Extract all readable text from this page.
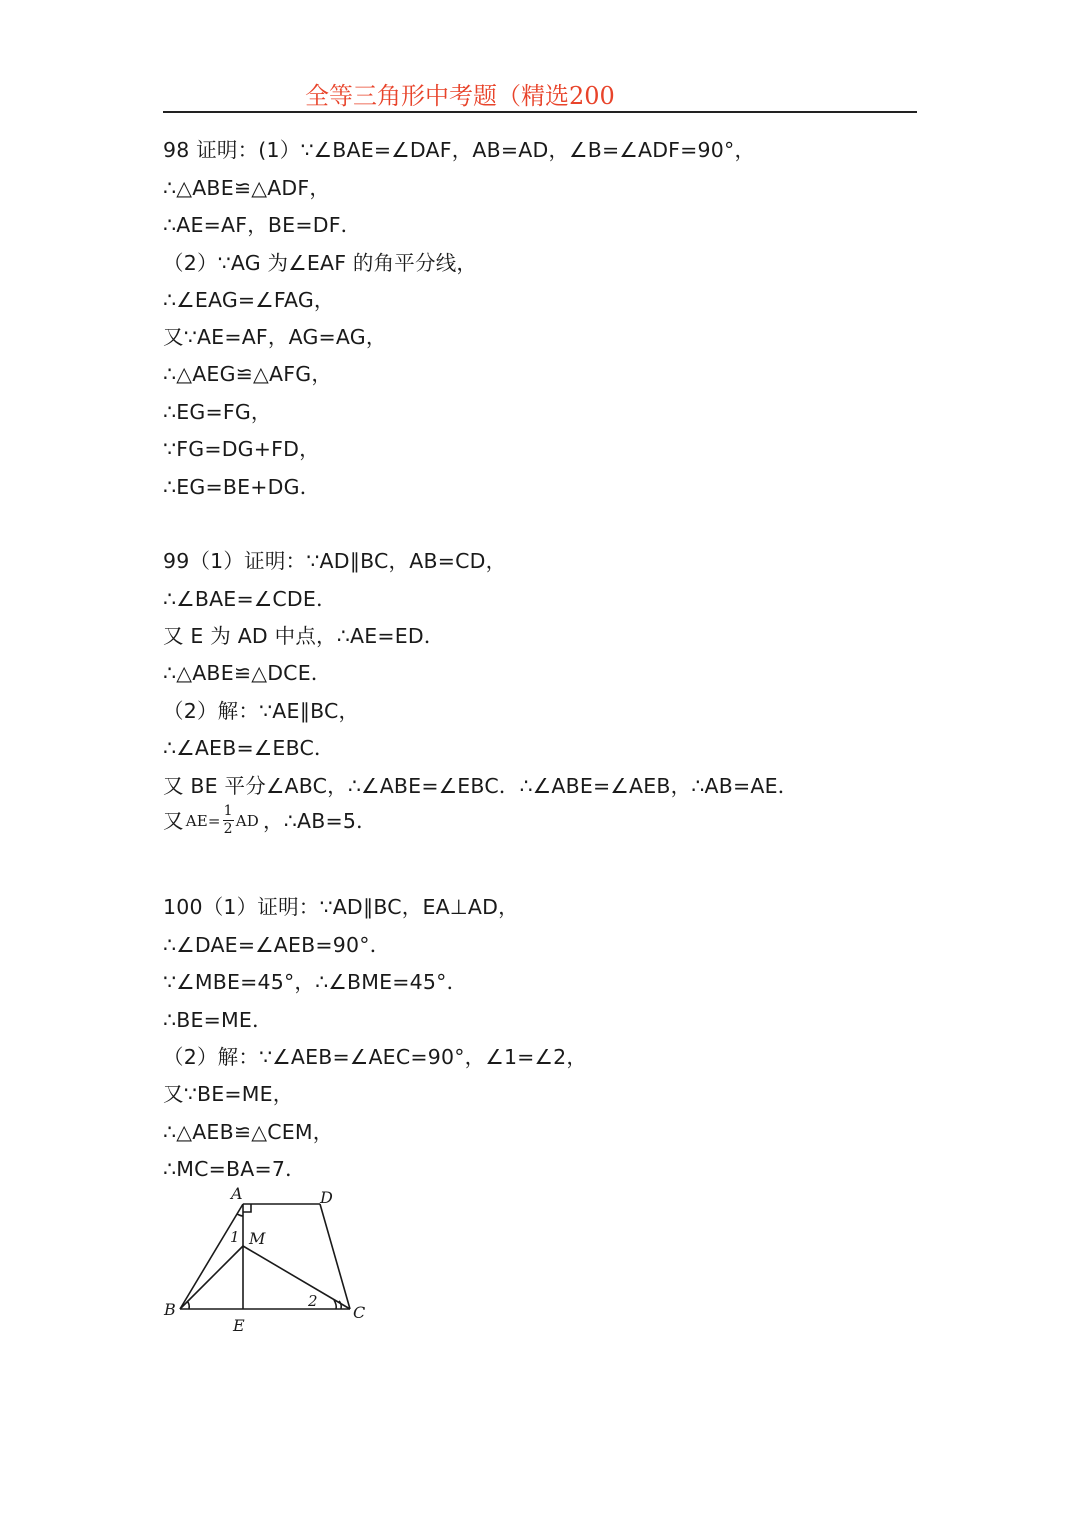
全等三角形中考题（精选200
98 证明：(1）∵∠BAE=∠DAF，AB=AD，∠B=∠ADF=90°，
∴△ABE≌△ADF，
∴AE=AF，BE=DF．
（2）∵AG 为∠EAF 的角平分线，
∴∠EAG=∠FAG，
又∵AE=AF，AG=AG，
∴△AEG≌△AFG，
∴EG=FG，
∵FG=DG+FD，
∴EG=BE+DG．
99（1）证明：∵AD∥BC，AB=CD，
∴∠BAE=∠CDE．
又 E 为 AD 中点，∴AE=ED．
∴△ABE≌△DCE．
（2）解：∵AE∥BC，
∴∠AEB=∠EBC．
又 BE 平分∠ABC，∴∠ABE=∠EBC．∴∠ABE=∠AEB，∴AB=AE．
又 $AE= \frac{1}{2}$ AD ，∴AB=5．
100（1）证明：∵AD∥BC，EA⊥AD，
∴∠DAE=∠AEB=90°．
∵∠MBE=45°，∴∠BME=45°．
∴BE=ME．
（2）解：∵∠AEB=∠AEC=90°，∠1=∠2，
又∵BE=ME，
∴△AEB≌△CEM，
∴MC=BA=7．
A	D
M
1
B	2
C
E
